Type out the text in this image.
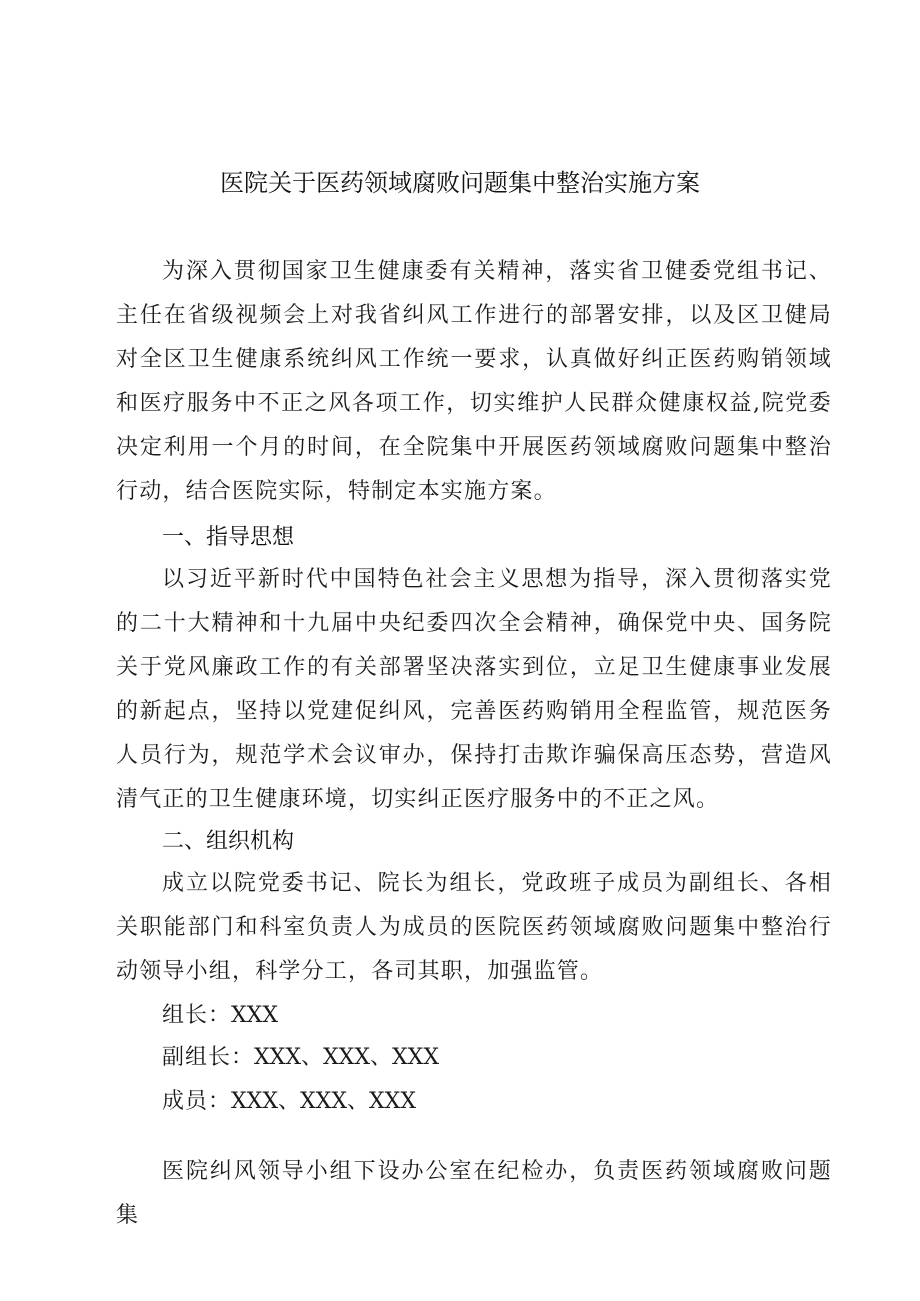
医院关于医药领域腐败问题集中整治实施方案

为深入贯彻国家卫生健康委有关精神，落实省卫健委党组书记、主任在省级视频会上对我省纠风工作进行的部署安排，以及区卫健局对全区卫生健康系统纠风工作统一要求，认真做好纠正医药购销领域和医疗服务中不正之风各项工作，切实维护人民群众健康权益,院党委决定利用一个月的时间，在全院集中开展医药领域腐败问题集中整治行动，结合医院实际，特制定本实施方案。

一、指导思想

以习近平新时代中国特色社会主义思想为指导，深入贯彻落实党的二十大精神和十九届中央纪委四次全会精神，确保党中央、国务院关于党风廉政工作的有关部署坚决落实到位，立足卫生健康事业发展的新起点，坚持以党建促纠风，完善医药购销用全程监管，规范医务人员行为，规范学术会议审办，保持打击欺诈骗保高压态势，营造风清气正的卫生健康环境，切实纠正医疗服务中的不正之风。

二、组织机构

成立以院党委书记、院长为组长，党政班子成员为副组长、各相关职能部门和科室负责人为成员的医院医药领域腐败问题集中整治行动领导小组，科学分工，各司其职，加强监管。

组长：XXX

副组长：XXX、XXX、XXX

成员：XXX、XXX、XXX

医院纠风领导小组下设办公室在纪检办，负责医药领域腐败问题集
